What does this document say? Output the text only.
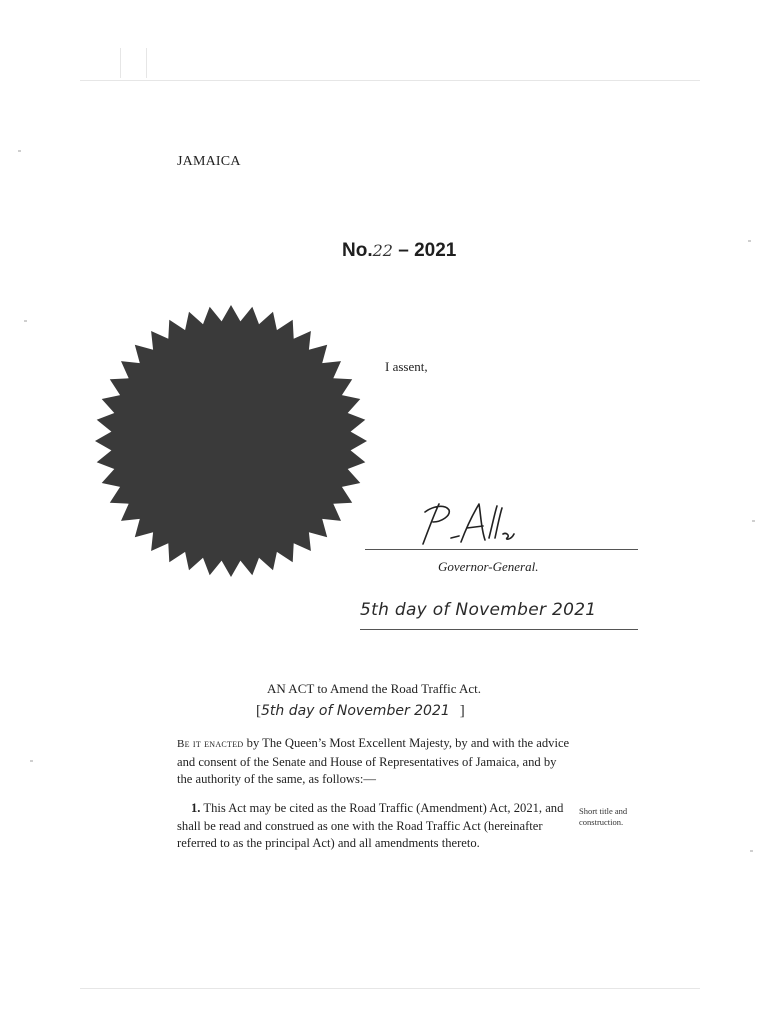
JAMAICA
No.22 – 2021
I assent,
Governor-General.
5th day of November 2021
AN ACT to Amend the Road Traffic Act.
[5th day of November 2021 ]
Be it enacted by The Queen’s Most Excellent Majesty, by and with the advice and consent of the Senate and House of Representatives of Jamaica, and by the authority of the same, as follows:—
1. This Act may be cited as the Road Traffic (Amendment) Act, 2021, and shall be read and construed as one with the Road Traffic Act (hereinafter referred to as the principal Act) and all amendments thereto.
Short title and construction.
